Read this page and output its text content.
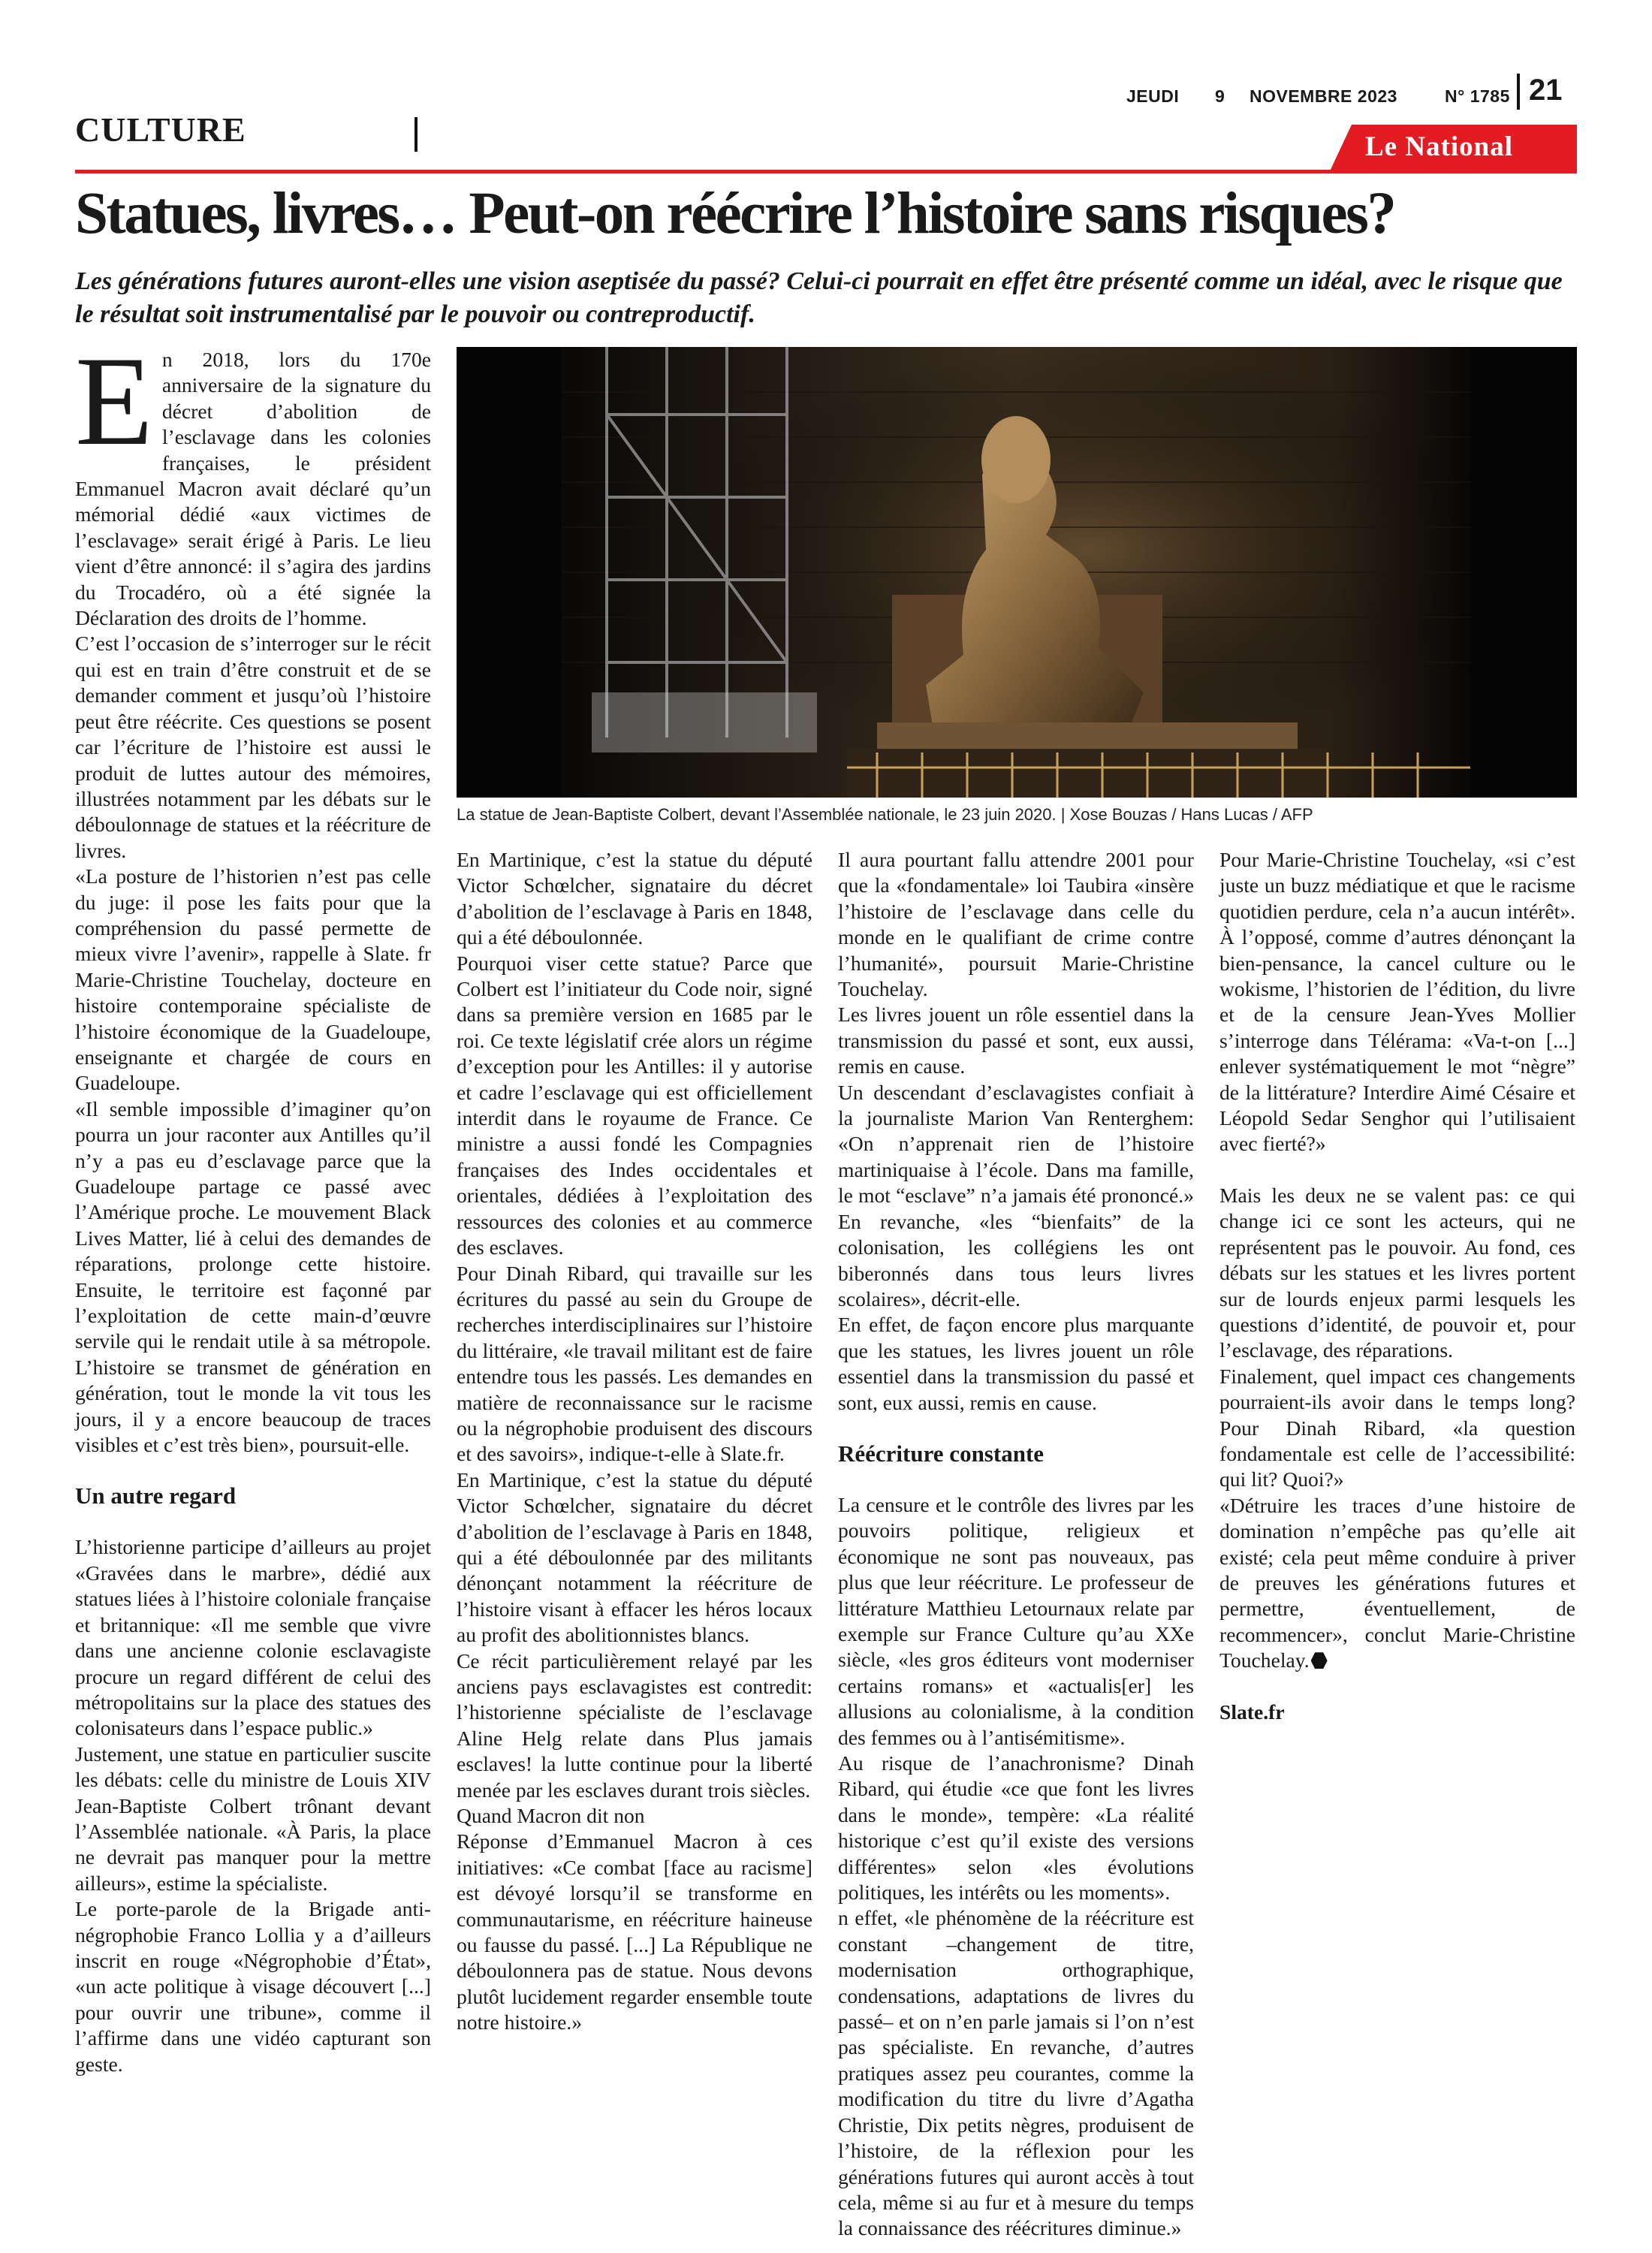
JEUDI 9 NOVEMBRE 2023	N° 1785 21
CULTURE	Le National
Statues, livres… Peut-on réécrire l’histoire sans risques?
Les générations futures auront-elles une vision aseptisée du passé? Celui-ci pourrait en effet être présenté comme un idéal, avec le risque que le résultat soit instrumentalisé par le pouvoir ou contreproductif.
La statue de Jean-Baptiste Colbert, devant l’Assemblée nationale, le 23 juin 2020. | Xose Bouzas / Hans Lucas / AFP

En 2018, lors du 170e anniversaire de la signature du décret d’abolition de l’esclavage dans les colonies françaises, le président Emmanuel Macron avait déclaré qu’un mémorial dédié «aux victimes de l’esclavage» serait érigé à Paris. Le lieu vient d’être annoncé: il s’agira des jardins du Trocadéro, où a été signée la Déclaration des droits de l’homme.

C’est l’occasion de s’interroger sur le récit qui est en train d’être construit et de se demander comment et jusqu’où l’histoire peut être réécrite. Ces questions se posent car l’écriture de l’histoire est aussi le produit de luttes autour des mémoires, illustrées notamment par les débats sur le déboulonnage de statues et la réécriture de livres.

«La posture de l’historien n’est pas celle du juge: il pose les faits pour que la compréhension du passé permette de mieux vivre l’avenir», rappelle à Slate. fr Marie-Christine Touchelay, docteure en histoire contemporaine spécialiste de l’histoire économique de la Guadeloupe, enseignante et chargée de cours en Guadeloupe.

«Il semble impossible d’imaginer qu’on pourra un jour raconter aux Antilles qu’il n’y a pas eu d’esclavage parce que la Guadeloupe partage ce passé avec l’Amérique proche. Le mouvement Black Lives Matter, lié à celui des demandes de réparations, prolonge cette histoire. Ensuite, le territoire est façonné par l’exploitation de cette main-d’œuvre servile qui le rendait utile à sa métropole. L’histoire se transmet de génération en génération, tout le monde la vit tous les jours, il y a encore beaucoup de traces visibles et c’est très bien», poursuit-elle.

Un autre regard

L’historienne participe d’ailleurs au projet «Gravées dans le marbre», dédié aux statues liées à l’histoire coloniale française et britannique: «Il me semble que vivre dans une ancienne colonie esclavagiste procure un regard différent de celui des métropolitains sur la place des statues des colonisateurs dans l’espace public.»

Justement, une statue en particulier suscite les débats: celle du ministre de Louis XIV Jean-Baptiste Colbert trônant devant l’Assemblée nationale. «À Paris, la place ne devrait pas manquer pour la mettre ailleurs», estime la spécialiste.

Le porte-parole de la Brigade anti-négrophobie Franco Lollia y a d’ailleurs inscrit en rouge «Négrophobie d’État», «un acte politique à visage découvert [...] pour ouvrir une tribune», comme il l’affirme dans une vidéo capturant son geste.

En Martinique, c’est la statue du député Victor Schœlcher, signataire du décret d’abolition de l’esclavage à Paris en 1848, qui a été déboulonnée.

Pourquoi viser cette statue? Parce que Colbert est l’initiateur du Code noir, signé dans sa première version en 1685 par le roi. Ce texte législatif crée alors un régime d’exception pour les Antilles: il y autorise et cadre l’esclavage qui est officiellement interdit dans le royaume de France. Ce ministre a aussi fondé les Compagnies françaises des Indes occidentales et orientales, dédiées à l’exploitation des ressources des colonies et au commerce des esclaves.

Pour Dinah Ribard, qui travaille sur les écritures du passé au sein du Groupe de recherches interdisciplinaires sur l’histoire du littéraire, «le travail militant est de faire entendre tous les passés. Les demandes en matière de reconnaissance sur le racisme ou la négrophobie produisent des discours et des savoirs», indique-t-elle à Slate.fr.

En Martinique, c’est la statue du député Victor Schœlcher, signataire du décret d’abolition de l’esclavage à Paris en 1848, qui a été déboulonnée par des militants dénonçant notamment la réécriture de l’histoire visant à effacer les héros locaux au profit des abolitionnistes blancs.

Ce récit particulièrement relayé par les anciens pays esclavagistes est contredit: l’historienne spécialiste de l’esclavage Aline Helg relate dans Plus jamais esclaves! la lutte continue pour la liberté menée par les esclaves durant trois siècles.

Quand Macron dit non

Réponse d’Emmanuel Macron à ces initiatives: «Ce combat [face au racisme] est dévoyé lorsqu’il se transforme en communautarisme, en réécriture haineuse ou fausse du passé. [...] La République ne déboulonnera pas de statue. Nous devons plutôt lucidement regarder ensemble toute notre histoire.»

Il aura pourtant fallu attendre 2001 pour que la «fondamentale» loi Taubira «insère l’histoire de l’esclavage dans celle du monde en le qualifiant de crime contre l’humanité», poursuit Marie-Christine Touchelay.

Les livres jouent un rôle essentiel dans la transmission du passé et sont, eux aussi, remis en cause.

Un descendant d’esclavagistes confiait à la journaliste Marion Van Renterghem: «On n’apprenait rien de l’histoire martiniquaise à l’école. Dans ma famille, le mot “esclave” n’a jamais été prononcé.» En revanche, «les “bienfaits” de la colonisation, les collégiens les ont biberonnés dans tous leurs livres scolaires», décrit-elle.

En effet, de façon encore plus marquante que les statues, les livres jouent un rôle essentiel dans la transmission du passé et sont, eux aussi, remis en cause.

Réécriture constante

La censure et le contrôle des livres par les pouvoirs politique, religieux et économique ne sont pas nouveaux, pas plus que leur réécriture. Le professeur de littérature Matthieu Letournaux relate par exemple sur France Culture qu’au XXe siècle, «les gros éditeurs vont moderniser certains romans» et «actualis[er] les allusions au colonialisme, à la condition des femmes ou à l’antisémitisme».

Au risque de l’anachronisme? Dinah Ribard, qui étudie «ce que font les livres dans le monde», tempère: «La réalité historique c’est qu’il existe des versions différentes» selon «les évolutions politiques, les intérêts ou les moments».

n effet, «le phénomène de la réécriture est constant –changement de titre, modernisation orthographique, condensations, adaptations de livres du passé– et on n’en parle jamais si l’on n’est pas spécialiste. En revanche, d’autres pratiques assez peu courantes, comme la modification du titre du livre d’Agatha Christie, Dix petits nègres, produisent de l’histoire, de la réflexion pour les générations futures qui auront accès à tout cela, même si au fur et à mesure du temps la connaissance des réécritures diminue.»

Pour Marie-Christine Touchelay, «si c’est juste un buzz médiatique et que le racisme quotidien perdure, cela n’a aucun intérêt». À l’opposé, comme d’autres dénonçant la bien-pensance, la cancel culture ou le wokisme, l’historien de l’édition, du livre et de la censure Jean-Yves Mollier s’interroge dans Télérama: «Va-t-on [...] enlever systématiquement le mot “nègre” de la littérature? Interdire Aimé Césaire et Léopold Sedar Senghor qui l’utilisaient avec fierté?»

Mais les deux ne se valent pas: ce qui change ici ce sont les acteurs, qui ne représentent pas le pouvoir. Au fond, ces débats sur les statues et les livres portent sur de lourds enjeux parmi lesquels les questions d’identité, de pouvoir et, pour l’esclavage, des réparations.

Finalement, quel impact ces changements pourraient-ils avoir dans le temps long? Pour Dinah Ribard, «la question fondamentale est celle de l’accessibilité: qui lit? Quoi?»

«Détruire les traces d’une histoire de domination n’empêche pas qu’elle ait existé; cela peut même conduire à priver de preuves les générations futures et permettre, éventuellement, de recommencer», conclut Marie-Christine Touchelay.

Slate.fr
